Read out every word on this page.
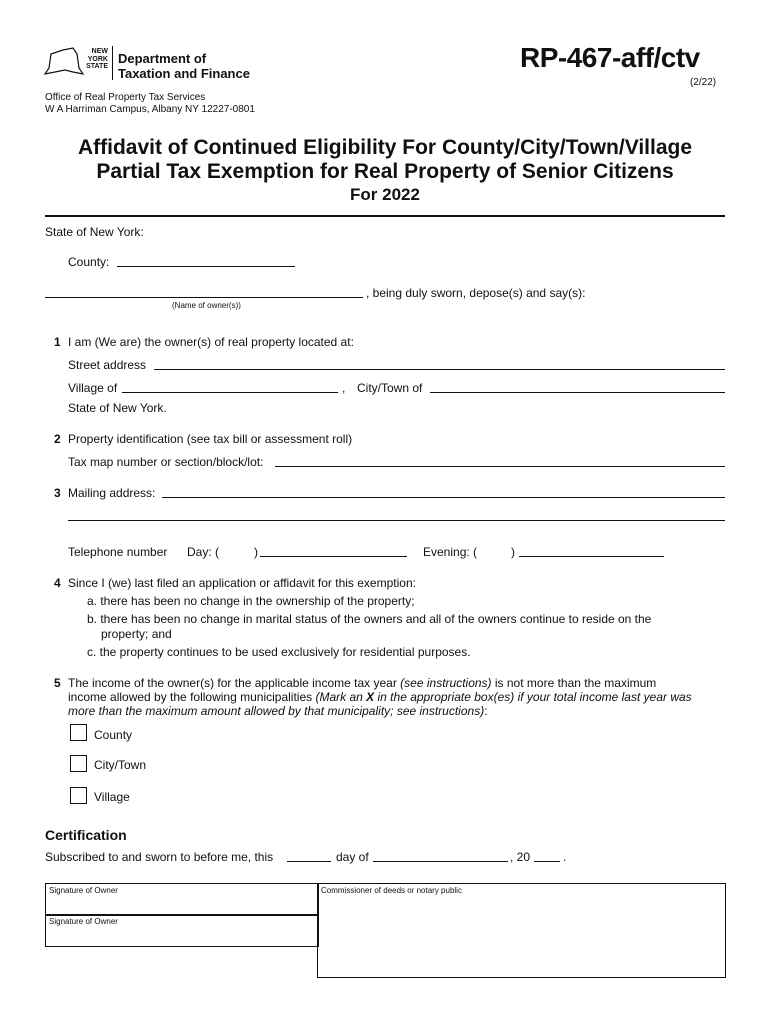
NEW
YORK
STATE
Department of
Taxation and Finance
RP-467-aff/ctv
(2/22)
Office of Real Property Tax Services
W A Harriman Campus, Albany NY 12227-0801
Affidavit of Continued Eligibility For County/City/Town/Village
Partial Tax Exemption for Real Property of Senior Citizens
For 2022
State of New York:
County:
, being duly sworn, depose(s) and say(s):
(Name of owner(s))
1 I am (We are) the owner(s) of real property located at:
Street address
Village of	, City/Town of
State of New York.
2 Property identification (see tax bill or assessment roll)
Tax map number or section/block/lot:
3 Mailing address:
Telephone number Day: (	)	Evening: (	)
4 Since I (we) last filed an application or affidavit for this exemption:
a. there has been no change in the ownership of the property;
b. there has been no change in marital status of the owners and all of the owners continue to reside on the
property; and
c. the property continues to be used exclusively for residential purposes.
5 The income of the owner(s) for the applicable income tax year (see instructions) is not more than the maximum
income allowed by the following municipalities (Mark an X in the appropriate box(es) if your total income last year was
more than the maximum amount allowed by that municipality; see instructions):
County
City/Town
Village
Certification
Subscribed to and sworn to before me, this	day of	, 20	.
Signature of Owner
Signature of Owner
Commissioner of deeds or notary public
